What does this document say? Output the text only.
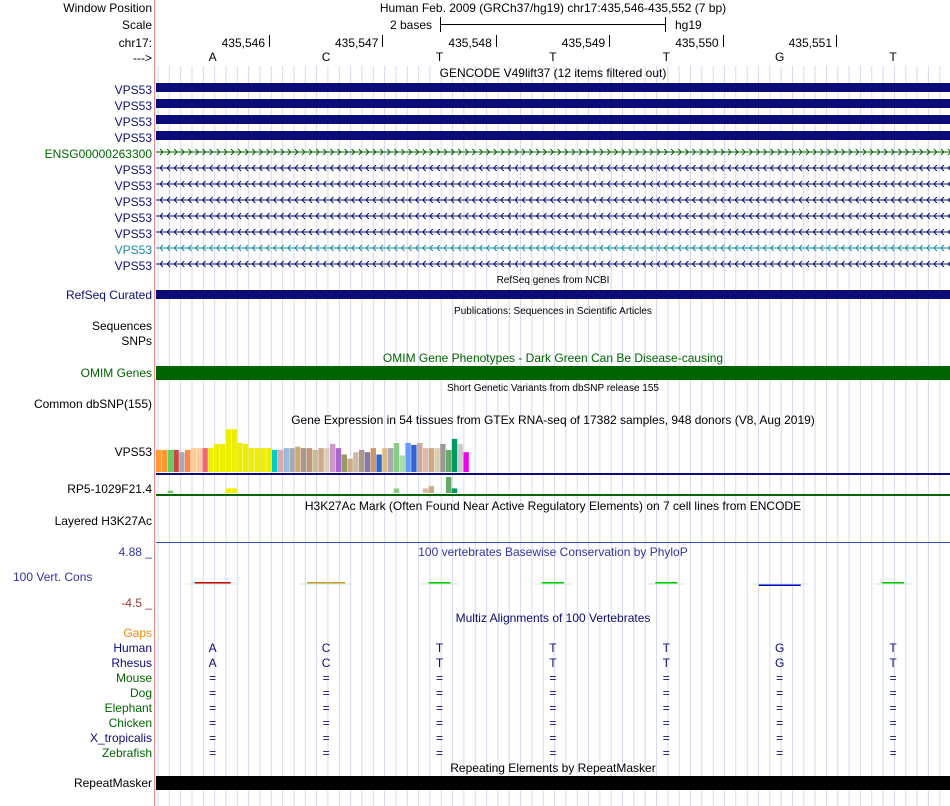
Window Position	Human Feb. 2009 (GRCh37/hg19) chr17:435,546-435,552 (7 bp)
Scale	2 bases	hg19
chr17:	435,546	435,547	435,548	435,549	435,550	435,551
--->	A	C	T	T	T	G	T
GENCODE V49lift37 (12 items filtered out)
VPS53
VPS53
VPS53
VPS53
ENSG00000263300
VPS53
VPS53
VPS53
VPS53
VPS53
VPS53
VPS53
RefSeq genes from NCBI
RefSeq Curated
Publications: Sequences in Scientific Articles
Sequences
SNPs
OMIM Gene Phenotypes - Dark Green Can Be Disease-causing
OMIM Genes
Short Genetic Variants from dbSNP release 155
Common dbSNP(155)
Gene Expression in 54 tissues from GTEx RNA-seq of 17382 samples, 948 donors (V8, Aug 2019)
VPS53
RP5-1029F21.4
H3K27Ac Mark (Often Found Near Active Regulatory Elements) on 7 cell lines from ENCODE
Layered H3K27Ac
100 vertebrates Basewise Conservation by PhyloP
4.88 _
100 Vert. Cons
-4.5 _
Multiz Alignments of 100 Vertebrates
Gaps
Human	A	C	T	T	T	G	T
Rhesus	A	C	T	T	T	G	T
Mouse	=	=	=	=	=	=	=
Dog	=	=	=	=	=	=	=
Elephant	=	=	=	=	=	=	=
Chicken	=	=	=	=	=	=	=
X_tropicalis	=	=	=	=	=	=	=
Zebrafish	=	=	=	=	=	=	=
Repeating Elements by RepeatMasker
RepeatMasker
